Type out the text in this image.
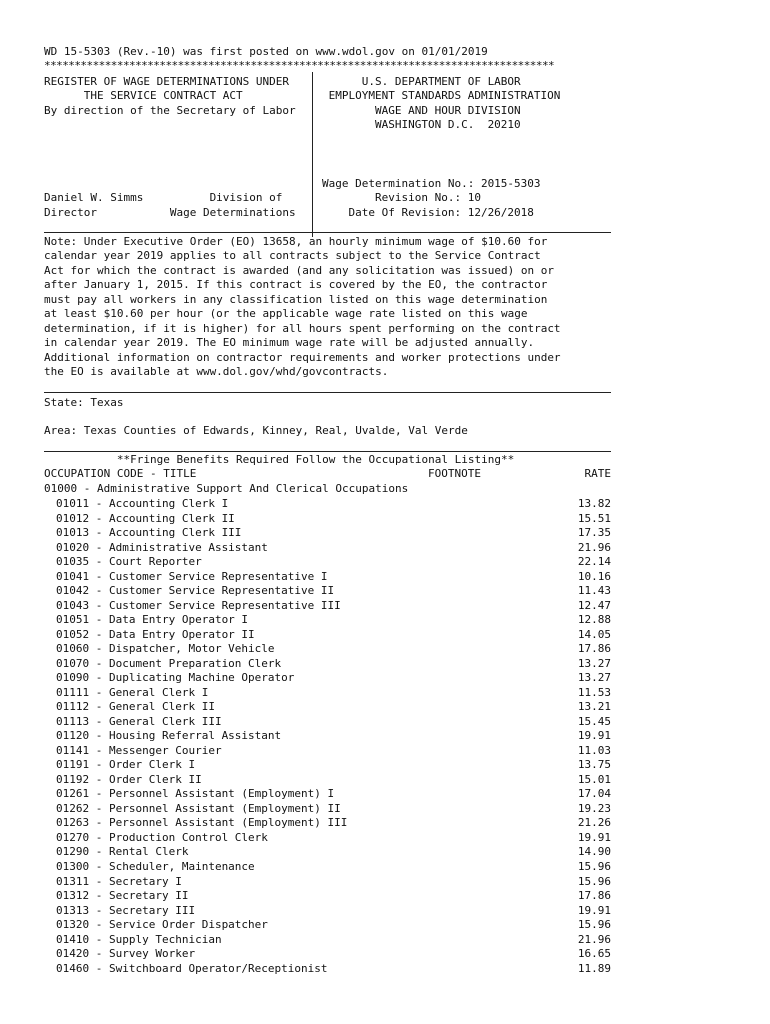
WD 15-5303 (Rev.-10) was first posted on www.wdol.gov on 01/01/2019
************************************************************************************
REGISTER OF WAGE DETERMINATIONS UNDER
THE SERVICE CONTRACT ACT
By direction of the Secretary of Labor
U.S. DEPARTMENT OF LABOR
EMPLOYMENT STANDARDS ADMINISTRATION
WAGE AND HOUR DIVISION
WASHINGTON D.C.  20210
Daniel W. Simms          Division of
Director           Wage Determinations
Wage Determination No.: 2015-5303
Revision No.: 10
Date Of Revision: 12/26/2018
Note: Under Executive Order (EO) 13658, an hourly minimum wage of $10.60 for
calendar year 2019 applies to all contracts subject to the Service Contract
Act for which the contract is awarded (and any solicitation was issued) on or
after January 1, 2015. If this contract is covered by the EO, the contractor
must pay all workers in any classification listed on this wage determination
at least $10.60 per hour (or the applicable wage rate listed on this wage
determination, if it is higher) for all hours spent performing on the contract
in calendar year 2019. The EO minimum wage rate will be adjusted annually.
Additional information on contractor requirements and worker protections under
the EO is available at www.dol.gov/whd/govcontracts.
State: Texas
Area: Texas Counties of Edwards, Kinney, Real, Uvalde, Val Verde
**Fringe Benefits Required Follow the Occupational Listing**
OCCUPATION CODE - TITLE	FOOTNOTE	RATE
01000 - Administrative Support And Clerical Occupations
01011 - Accounting Clerk I	13.82
01012 - Accounting Clerk II	15.51
01013 - Accounting Clerk III	17.35
01020 - Administrative Assistant	21.96
01035 - Court Reporter	22.14
01041 - Customer Service Representative I	10.16
01042 - Customer Service Representative II	11.43
01043 - Customer Service Representative III	12.47
01051 - Data Entry Operator I	12.88
01052 - Data Entry Operator II	14.05
01060 - Dispatcher, Motor Vehicle	17.86
01070 - Document Preparation Clerk	13.27
01090 - Duplicating Machine Operator	13.27
01111 - General Clerk I	11.53
01112 - General Clerk II	13.21
01113 - General Clerk III	15.45
01120 - Housing Referral Assistant	19.91
01141 - Messenger Courier	11.03
01191 - Order Clerk I	13.75
01192 - Order Clerk II	15.01
01261 - Personnel Assistant (Employment) I	17.04
01262 - Personnel Assistant (Employment) II	19.23
01263 - Personnel Assistant (Employment) III	21.26
01270 - Production Control Clerk	19.91
01290 - Rental Clerk	14.90
01300 - Scheduler, Maintenance	15.96
01311 - Secretary I	15.96
01312 - Secretary II	17.86
01313 - Secretary III	19.91
01320 - Service Order Dispatcher	15.96
01410 - Supply Technician	21.96
01420 - Survey Worker	16.65
01460 - Switchboard Operator/Receptionist	11.89
